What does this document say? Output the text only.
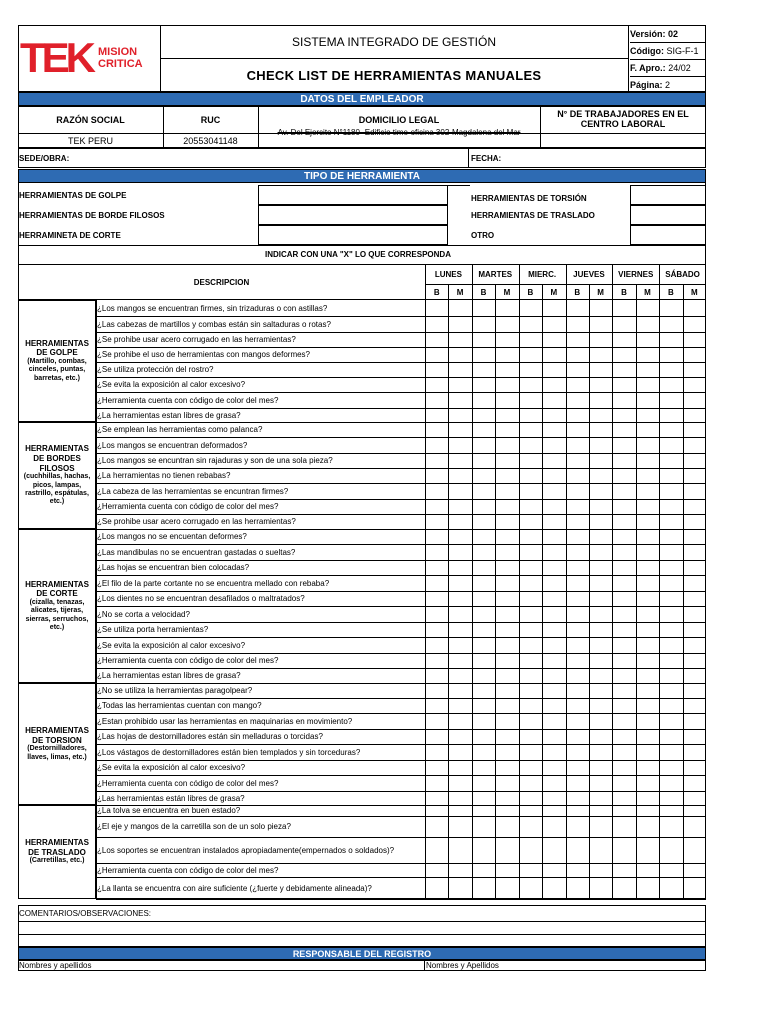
TEK MISION
CRITICA
SISTEMA INTEGRADO DE GESTIÓN
CHECK LIST DE HERRAMIENTAS MANUALES
Versión: 02
Código: SIG-F-1
F. Apro.: 24/02
Página: 2
DATOS DEL EMPLEADOR
RAZÓN SOCIAL	RUC	DOMICILIO LEGAL
N° DE TRABAJADORES EN EL CENTRO LABORAL
TEK PERU	20553041148
Av. Del Ejercito N°1180- Edificio time-oficina 302-Magdalena del Mar
SEDE/OBRA:	FECHA:
TIPO DE HERRAMIENTA
HERRAMIENTAS DE GOLPE
HERRAMIENTAS DE BORDE FILOSOS
HERRAMINETA DE CORTE
HERRAMIENTAS DE TORSIÓN
HERRAMIENTAS DE TRASLADO
OTRO
INDICAR CON UNA "X" LO QUE CORRESPONDA
DESCRIPCION
LUNES
B	M
MARTES
B	M
MIERC.
B	M
JUEVES
B	M
VIERNES
B	M
SÁBADO
B	M
HERRAMIENTAS DE GOLPE
(Martillo, combas, cinceles, puntas, barretas, etc.)
¿Los mangos se encuentran firmes, sin trizaduras o con astillas?
¿Las cabezas de martillos y combas están sin saltaduras o rotas?
¿Se prohibe usar acero corrugado en las herramientas?
¿Se prohibe el uso de herramientas con mangos deformes?
¿Se utiliza protección del rostro?
¿Se evita la exposición al calor excesivo?
¿Herramienta cuenta con código de color del mes?
¿La herramientas estan libres de grasa?
HERRAMIENTAS DE BORDES FILOSOS
(cuchhillas, hachas, picos, lampas, rastrillo, espátulas, etc.)
¿Se emplean las herramientas como palanca?
¿Los mangos se encuentran deformados?
¿Los mangos se encuntran sin rajaduras y son de una sola pieza?
¿La herramientas no tienen rebabas?
¿La cabeza de las herramientas se encuntran firmes?
¿Herramienta cuenta con código de color del mes?
¿Se prohibe usar acero corrugado en las herramientas?
HERRAMIENTAS DE CORTE
(cizalla, tenazas, alicates, tijeras, sierras, serruchos, etc.)
¿Los mangos no se encuentan deformes?
¿Las mandibulas no se encuentran gastadas o sueltas?
¿Las hojas se encuentran bien colocadas?
¿El filo de la parte cortante no se encuentra mellado con rebaba?
¿Los dientes no se encuentran desafilados o maltratados?
¿No se corta a velocidad?
¿Se utiliza porta herramientas?
¿Se evita la exposición al calor excesivo?
¿Herramienta cuenta con código de color del mes?
¿La herramientas estan libres de grasa?
HERRAMIENTAS DE TORSION
(Destornilladores, llaves, limas, etc.)
¿No se utiliza la herramientas paragolpear?
¿Todas las herramientas cuentan con mango?
¿Estan prohibido usar las herramientas en maquinarias en movimiento?
¿Las hojas de destornilladores están sin melladuras o torcidas?
¿Los vástagos de destornilladores están bien templados y sin torceduras?
¿Se evita la exposición al calor excesivo?
¿Herramienta cuenta con código de color del mes?
¿Las herramientas están libres de grasa?
HERRAMIENTAS DE TRASLADO
(Carretillas, etc.)
¿La tolva se encuentra en buen estado?
¿El eje y mangos de la carretilla son de un solo pieza?
¿Los soportes se encuentran instalados apropiadamente(empernados o soldados)?
¿Herramienta cuenta con código de color del mes?
¿La llanta se encuentra con aire suficiente (¿fuerte y debidamente alineada)?
COMENTARIOS/OBSERVACIONES:
RESPONSABLE DEL REGISTRO
Nombres y apellidos	Nombres y Apellidos
